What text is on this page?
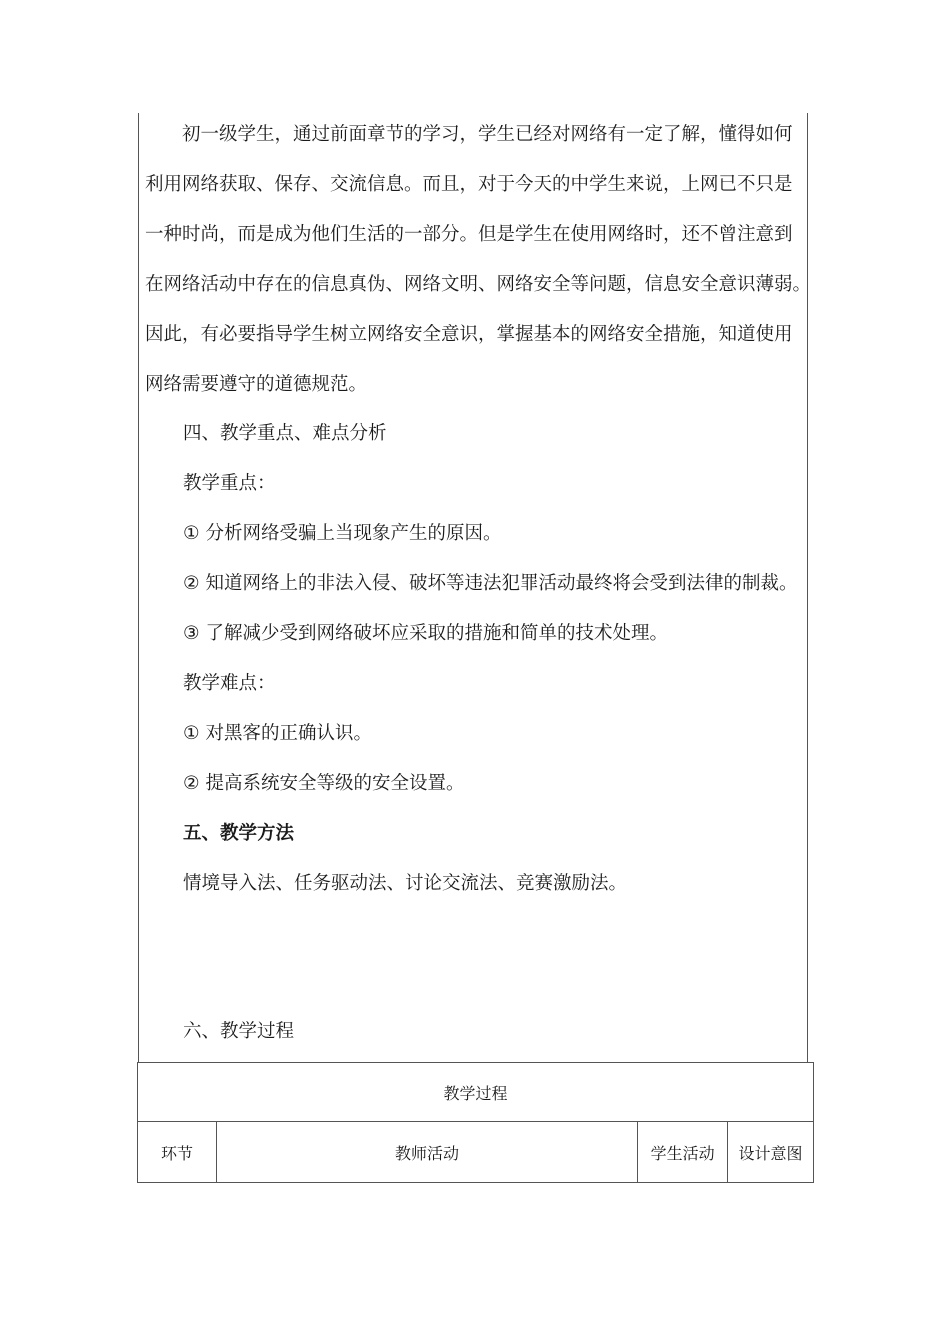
　　初一级学生，通过前面章节的学习，学生已经对网络有一定了解，懂得如何
利用网络获取、保存、交流信息。而且，对于今天的中学生来说，上网已不只是
一种时尚，而是成为他们生活的一部分。但是学生在使用网络时，还不曾注意到
在网络活动中存在的信息真伪、网络文明、网络安全等问题，信息安全意识薄弱。
因此，有必要指导学生树立网络安全意识，掌握基本的网络安全措施，知道使用
网络需要遵守的道德规范。

四、教学重点、难点分析

教学重点：

① 分析网络受骗上当现象产生的原因。

② 知道网络上的非法入侵、破坏等违法犯罪活动最终将会受到法律的制裁。

③ 了解减少受到网络破坏应采取的措施和简单的技术处理。

教学难点：

① 对黑客的正确认识。

② 提高系统安全等级的安全设置。

五、教学方法

情境导入法、任务驱动法、讨论交流法、竞赛激励法。

六、教学过程

教学过程
环节	教师活动	学生活动	设计意图
